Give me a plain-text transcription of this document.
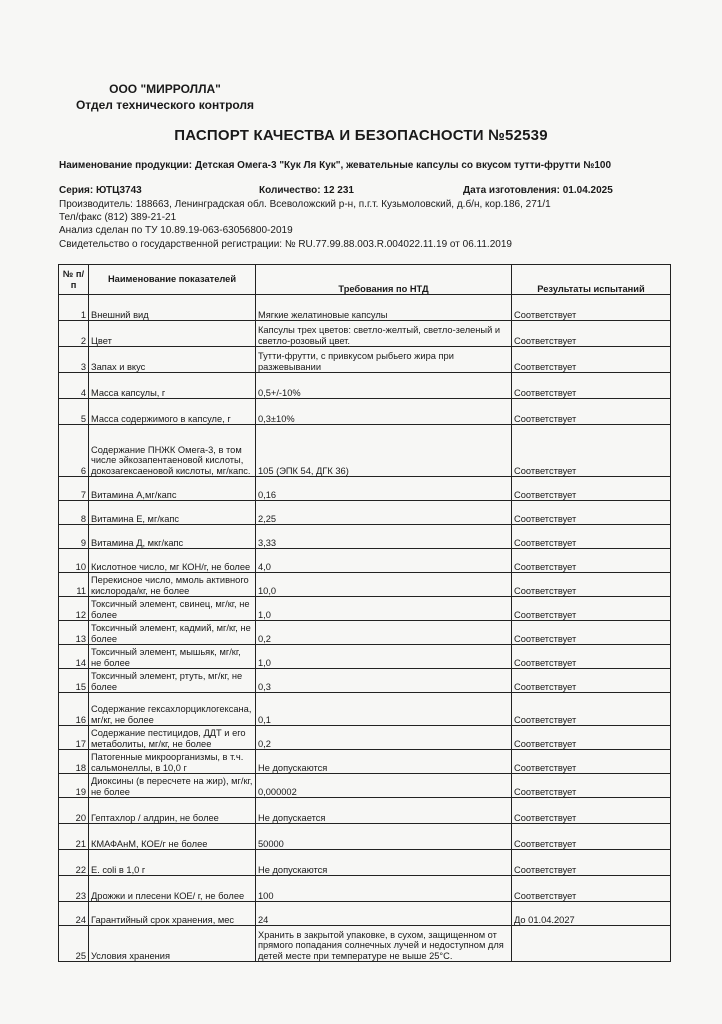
ООО "МИРРОЛЛА"
Отдел технического контроля
ПАСПОРТ КАЧЕСТВА И БЕЗОПАСНОСТИ №52539
Наименование продукции: Детская Омега-3 "Кук Ля Кук", жевательные капсулы со вкусом тутти-фрутти №100
Серия: ЮТЦ3743	Количество: 12 231	Дата изготовления: 01.04.2025
Производитель: 188663, Ленинградская обл. Всеволожский р-н, п.г.т. Кузьмоловский, д.б/н, кор.186, 271/1
Тел/факс (812) 389-21-21
Анализ сделан по ТУ 10.89.19-063-63056800-2019
Свидетельство о государственной регистрации: № RU.77.99.88.003.R.004022.11.19 от 06.11.2019
№ п/п	Наименование показателей	Требования по НТД	Результаты испытаний
1	Внешний вид	Мягкие желатиновые капсулы	Соответствует
2	Цвет	Капсулы трех цветов: светло-желтый, светло-зеленый и светло-розовый цвет.	Соответствует
3	Запах и вкус	Тутти-фрутти, с привкусом рыбьего жира при разжевывании	Соответствует
4	Масса капсулы, г	0,5+/-10%	Соответствует
5	Масса содержимого в капсуле, г	0,3±10%	Соответствует
6	Содержание ПНЖК Омега-3, в том числе эйкозапентаеновой кислоты, докозагексаеновой кислоты, мг/капс.	105 (ЭПК 54, ДГК 36)	Соответствует
7	Витамина А,мг/капс	0,16	Соответствует
8	Витамина Е, мг/капс	2,25	Соответствует
9	Витамина Д, мкг/капс	3,33	Соответствует
10	Кислотное число, мг КОН/г, не более	4,0	Соответствует
11	Перекисное число, ммоль активного кислорода/кг, не более	10,0	Соответствует
12	Токсичный элемент, свинец, мг/кг, не более	1,0	Соответствует
13	Токсичный элемент, кадмий, мг/кг, не более	0,2	Соответствует
14	Токсичный элемент, мышьяк, мг/кг, не более	1,0	Соответствует
15	Токсичный элемент, ртуть, мг/кг, не более	0,3	Соответствует
16	Содержание гексахлорциклогексана, мг/кг, не более	0,1	Соответствует
17	Содержание пестицидов, ДДТ и его метаболиты, мг/кг, не более	0,2	Соответствует
18	Патогенные микроорганизмы, в т.ч. сальмонеллы, в 10,0 г	Не допускаются	Соответствует
19	Диоксины (в пересчете на жир), мг/кг, не более	0,000002	Соответствует
20	Гептахлор / алдрин, не более	Не допускается	Соответствует
21	КМАФАнМ, КОЕ/г не более	50000	Соответствует
22	E. coli в 1,0 г	Не допускаются	Соответствует
23	Дрожжи и плесени КОЕ/ г, не более	100	Соответствует
24	Гарантийный срок хранения, мес	24	До 01.04.2027
25	Условия хранения	Хранить в закрытой упаковке, в сухом, защищенном от прямого попадания солнечных лучей и недоступном для детей месте при температуре не выше 25°С.	
